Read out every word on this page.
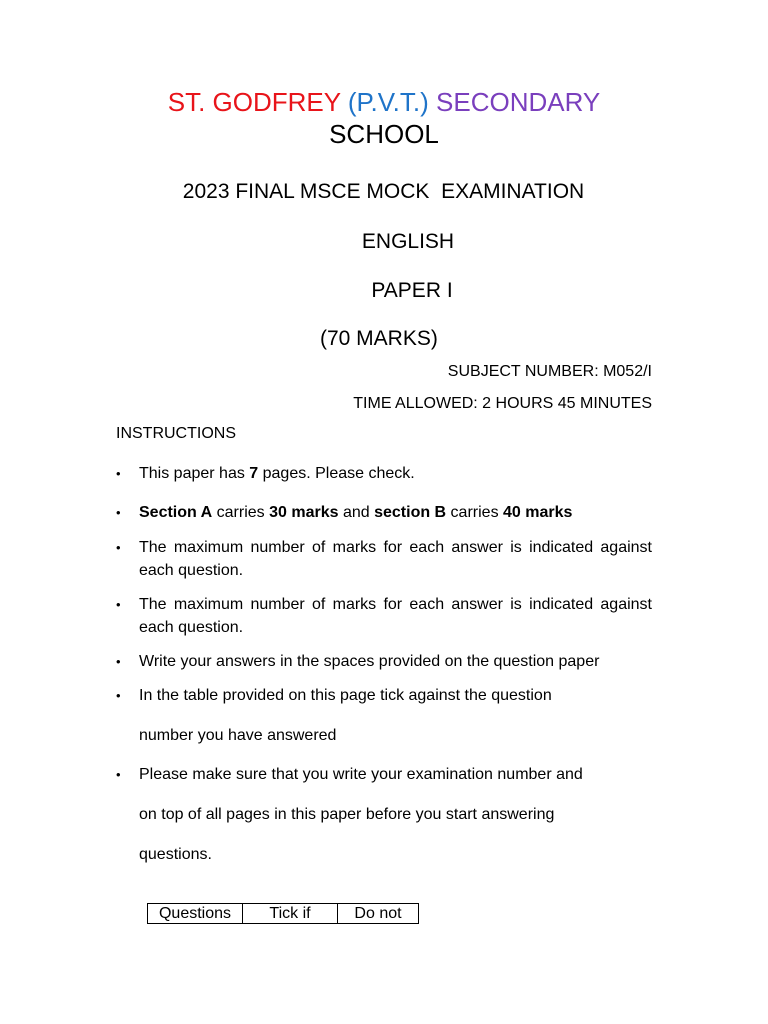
ST. GODFREY (P.V.T.) SECONDARY
SCHOOL
2023 FINAL MSCE MOCK  EXAMINATION
ENGLISH
PAPER I
(70 MARKS)
SUBJECT NUMBER: M052/I
TIME ALLOWED: 2 HOURS 45 MINUTES
INSTRUCTIONS
• This paper has 7 pages. Please check.
• Section A carries 30 marks and section B carries 40 marks
• The maximum number of marks for each answer is indicated against each question.
• The maximum number of marks for each answer is indicated against each question.
• Write your answers in the spaces provided on the question paper
• In the table provided on this page tick against the question
number you have answered
• Please make sure that you write your examination number and
on top of all pages in this paper before you start answering
questions.
Questions	Tick if	Do not
